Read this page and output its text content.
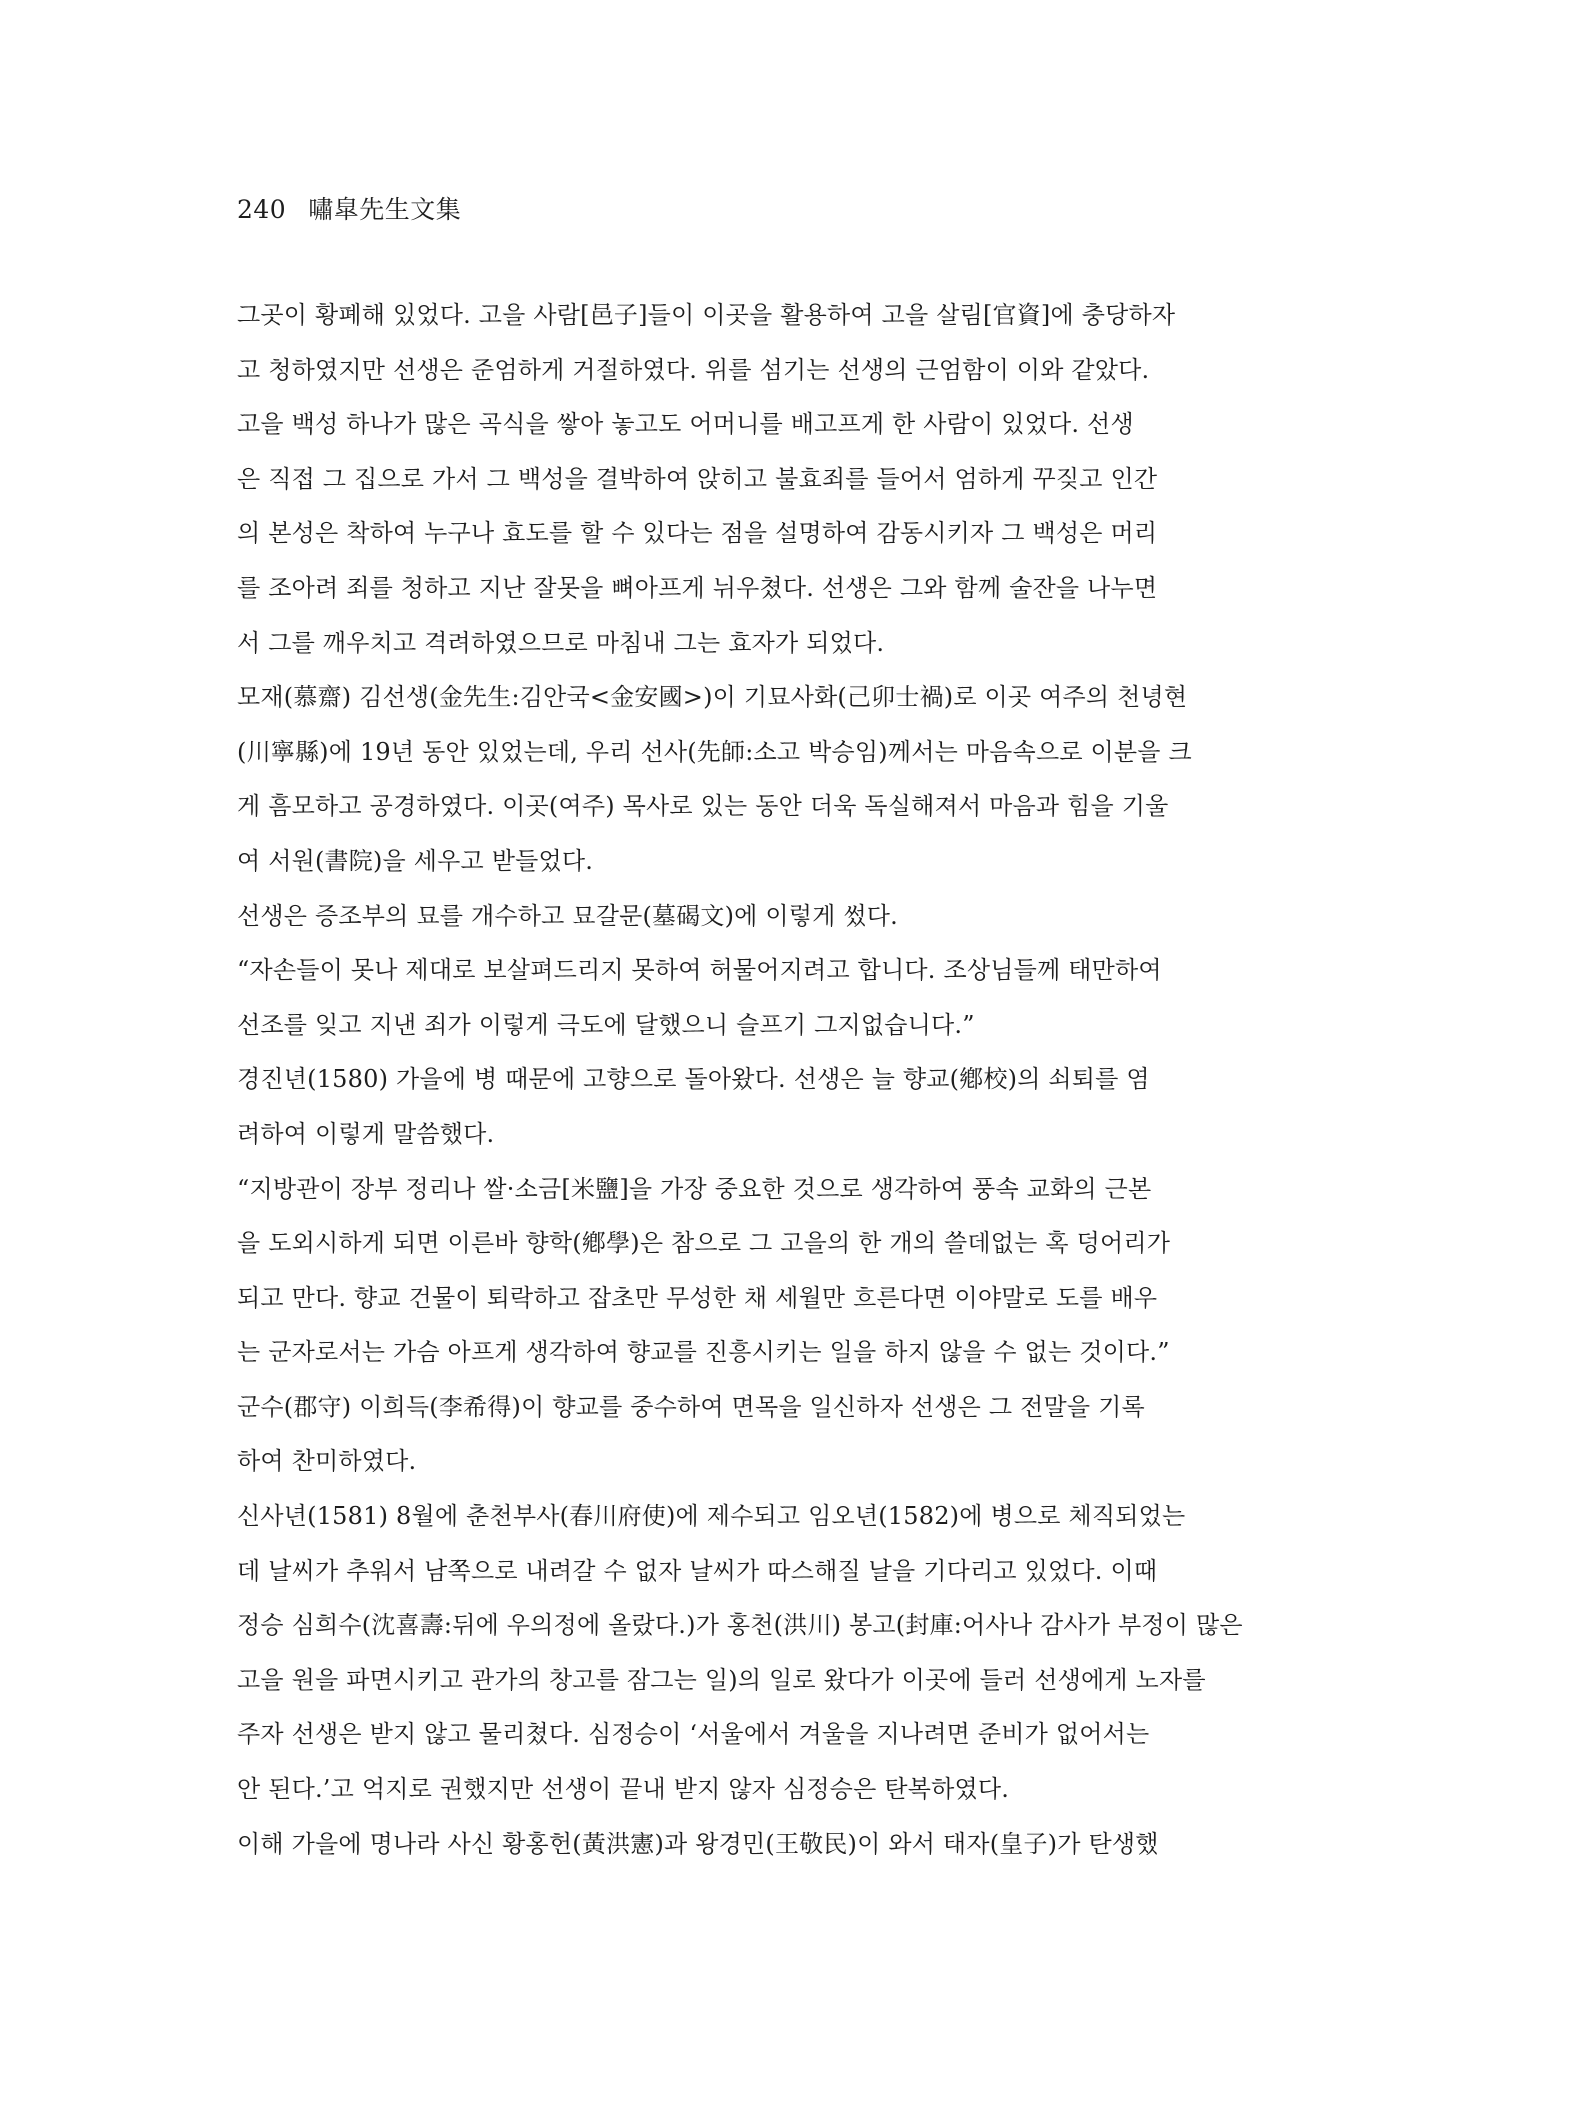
240 嘯皐先生文集
그곳이 황폐해 있었다. 고을 사람[邑子]들이 이곳을 활용하여 고을 살림[官資]에 충당하자
고 청하였지만 선생은 준엄하게 거절하였다. 위를 섬기는 선생의 근엄함이 이와 같았다.
고을 백성 하나가 많은 곡식을 쌓아 놓고도 어머니를 배고프게 한 사람이 있었다. 선생
은 직접 그 집으로 가서 그 백성을 결박하여 앉히고 불효죄를 들어서 엄하게 꾸짖고 인간
의 본성은 착하여 누구나 효도를 할 수 있다는 점을 설명하여 감동시키자 그 백성은 머리
를 조아려 죄를 청하고 지난 잘못을 뼈아프게 뉘우쳤다. 선생은 그와 함께 술잔을 나누면
서 그를 깨우치고 격려하였으므로 마침내 그는 효자가 되었다.
모재(慕齋) 김선생(金先生:김안국<金安國>)이 기묘사화(己卯士禍)로 이곳 여주의 천녕현
(川寧縣)에 19년 동안 있었는데, 우리 선사(先師:소고 박승임)께서는 마음속으로 이분을 크
게 흠모하고 공경하였다. 이곳(여주) 목사로 있는 동안 더욱 독실해져서 마음과 힘을 기울
여 서원(書院)을 세우고 받들었다.
선생은 증조부의 묘를 개수하고 묘갈문(墓碣文)에 이렇게 썼다.
“자손들이 못나 제대로 보살펴드리지 못하여 허물어지려고 합니다. 조상님들께 태만하여
선조를 잊고 지낸 죄가 이렇게 극도에 달했으니 슬프기 그지없습니다.”
경진년(1580) 가을에 병 때문에 고향으로 돌아왔다. 선생은 늘 향교(鄕校)의 쇠퇴를 염
려하여 이렇게 말씀했다.
“지방관이 장부 정리나 쌀·소금[米鹽]을 가장 중요한 것으로 생각하여 풍속 교화의 근본
을 도외시하게 되면 이른바 향학(鄕學)은 참으로 그 고을의 한 개의 쓸데없는 혹 덩어리가
되고 만다. 향교 건물이 퇴락하고 잡초만 무성한 채 세월만 흐른다면 이야말로 도를 배우
는 군자로서는 가슴 아프게 생각하여 향교를 진흥시키는 일을 하지 않을 수 없는 것이다.”
군수(郡守) 이희득(李希得)이 향교를 중수하여 면목을 일신하자 선생은 그 전말을 기록
하여 찬미하였다.
신사년(1581) 8월에 춘천부사(春川府使)에 제수되고 임오년(1582)에 병으로 체직되었는
데 날씨가 추워서 남쪽으로 내려갈 수 없자 날씨가 따스해질 날을 기다리고 있었다. 이때
정승 심희수(沈喜壽:뒤에 우의정에 올랐다.)가 홍천(洪川) 봉고(封庫:어사나 감사가 부정이 많은
고을 원을 파면시키고 관가의 창고를 잠그는 일)의 일로 왔다가 이곳에 들러 선생에게 노자를
주자 선생은 받지 않고 물리쳤다. 심정승이 ‘서울에서 겨울을 지나려면 준비가 없어서는
안 된다.’고 억지로 권했지만 선생이 끝내 받지 않자 심정승은 탄복하였다.
이해 가을에 명나라 사신 황홍헌(黃洪憲)과 왕경민(王敬民)이 와서 태자(皇子)가 탄생했
